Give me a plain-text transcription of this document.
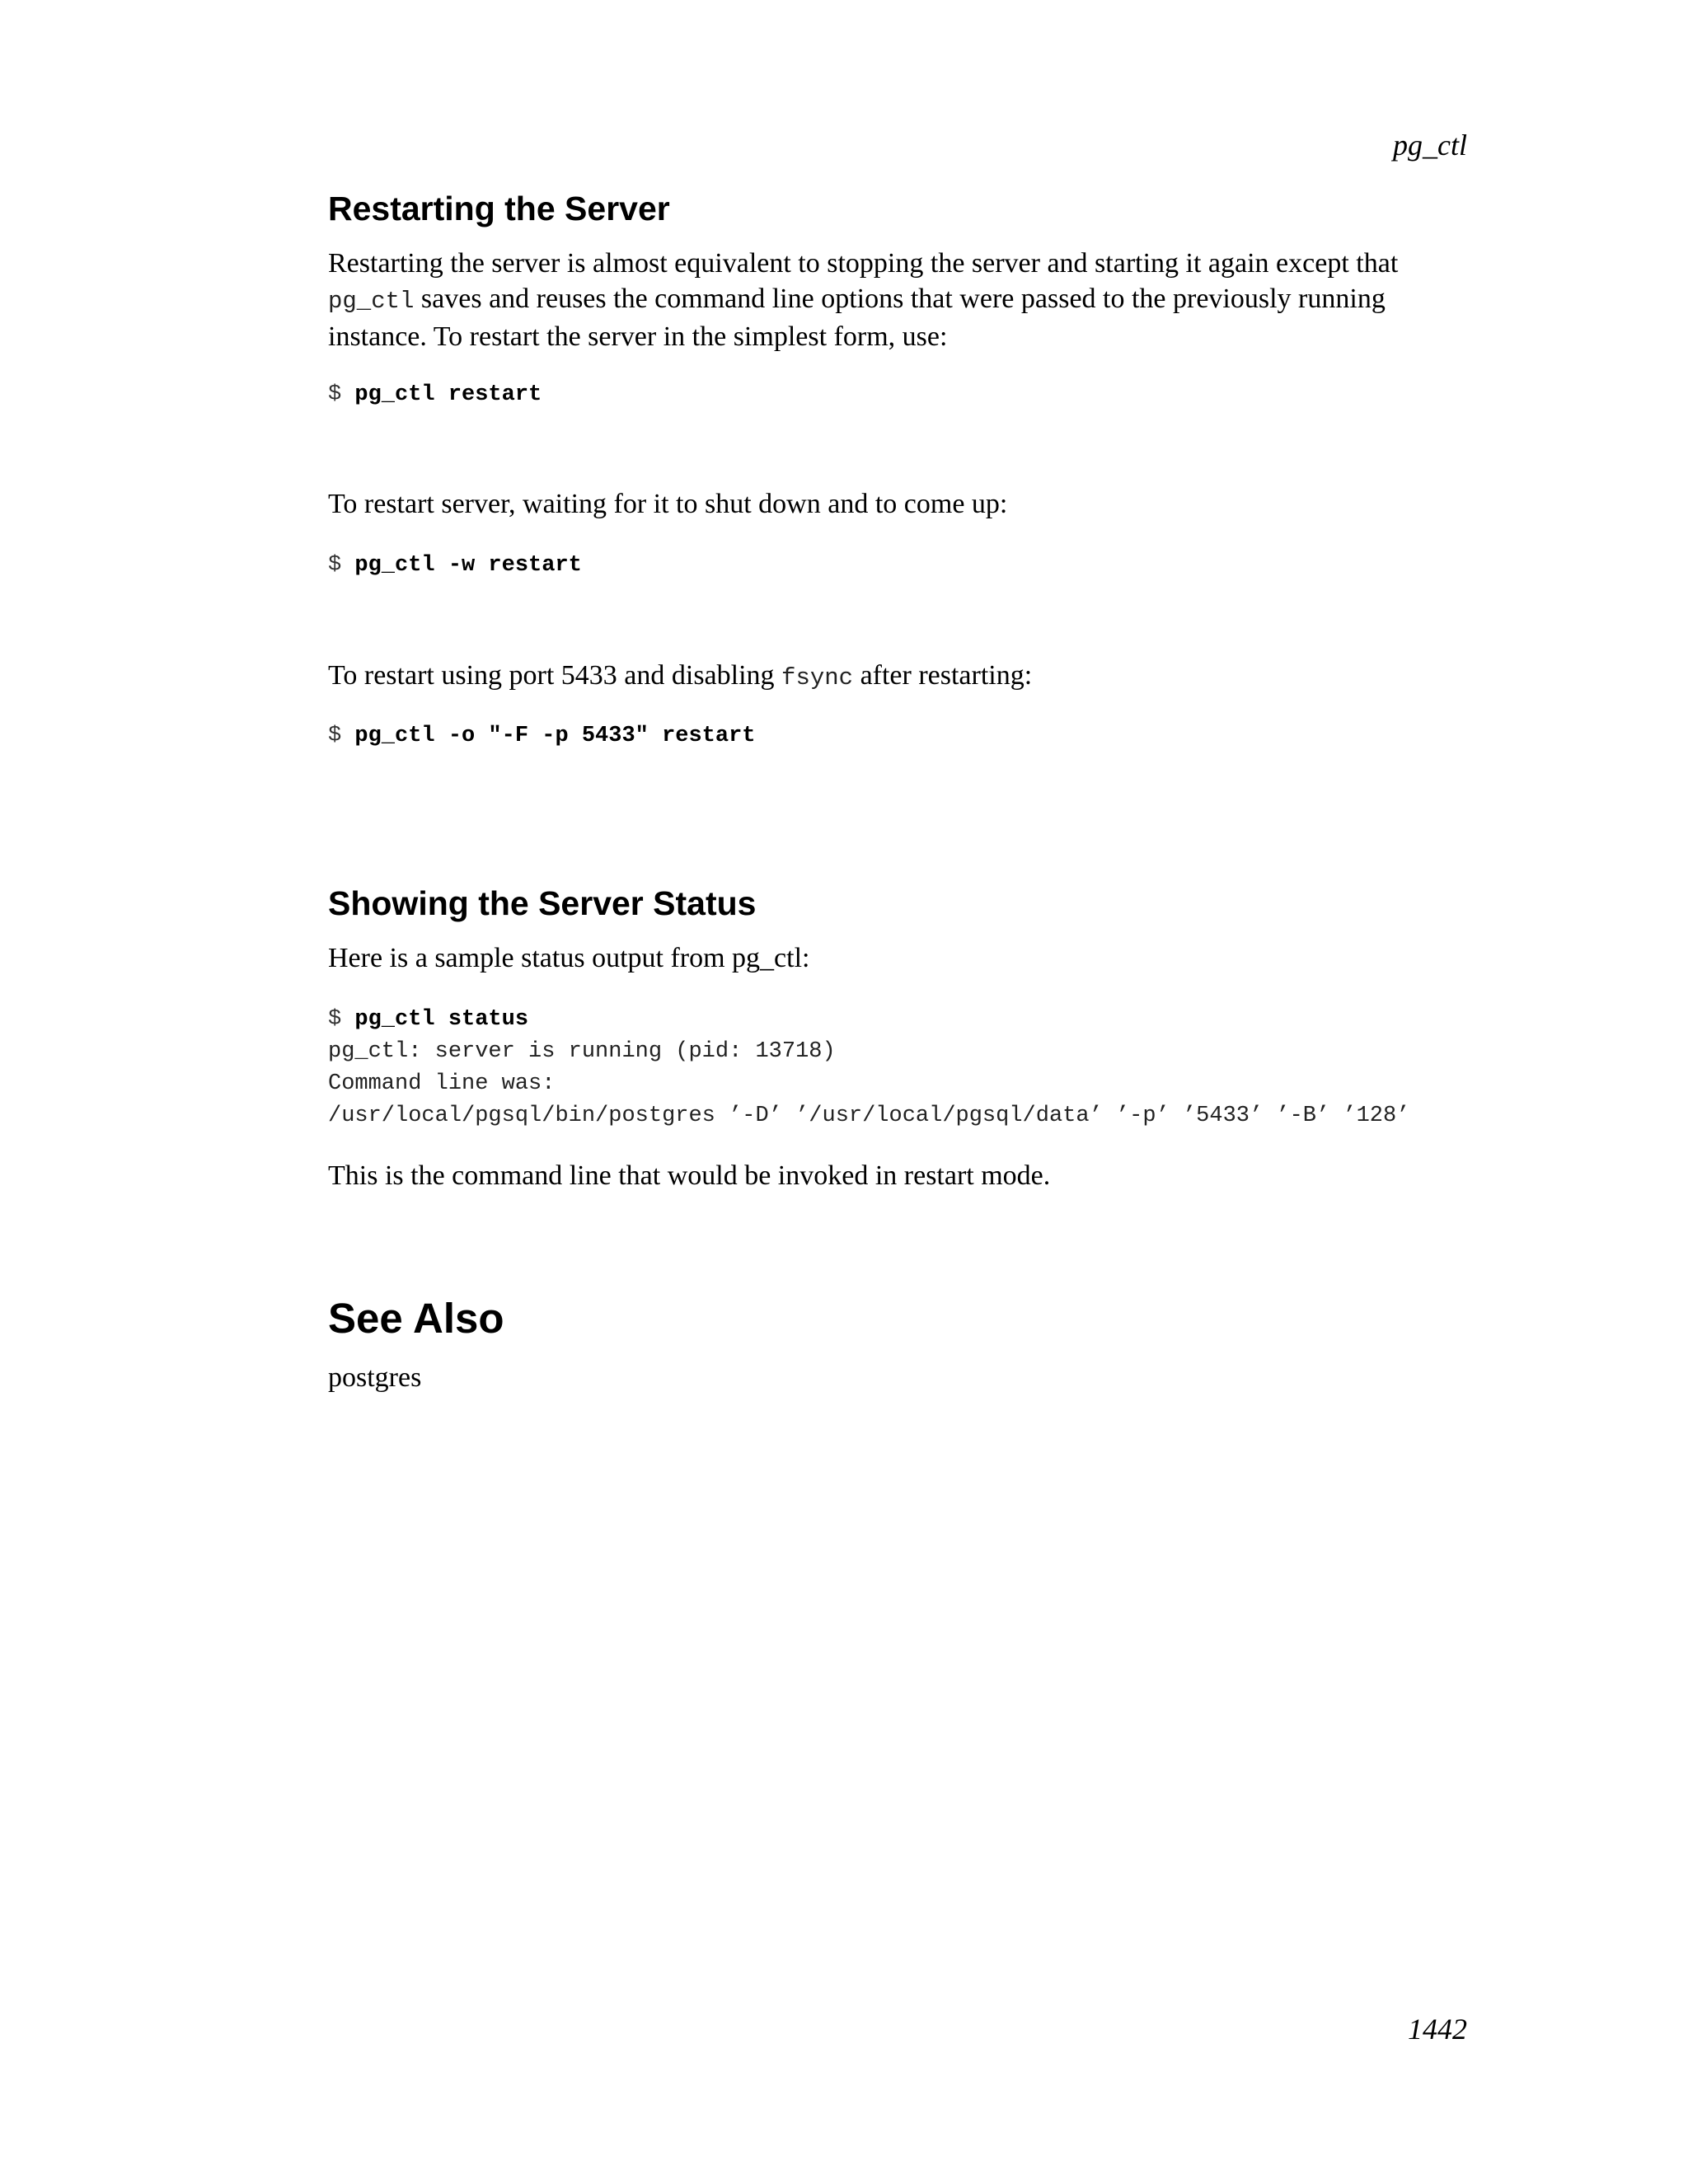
pg_ctl
Restarting the Server
Restarting the server is almost equivalent to stopping the server and starting it again except that pg_ctl saves and reuses the command line options that were passed to the previously running instance. To restart the server in the simplest form, use:
$ pg_ctl restart
To restart server, waiting for it to shut down and to come up:
$ pg_ctl -w restart
To restart using port 5433 and disabling fsync after restarting:
$ pg_ctl -o "-F -p 5433" restart
Showing the Server Status
Here is a sample status output from pg_ctl:
$ pg_ctl status
pg_ctl: server is running (pid: 13718)
Command line was:
/usr/local/pgsql/bin/postgres ’-D’ ’/usr/local/pgsql/data’ ’-p’ ’5433’ ’-B’ ’128’
This is the command line that would be invoked in restart mode.
See Also
postgres
1442
